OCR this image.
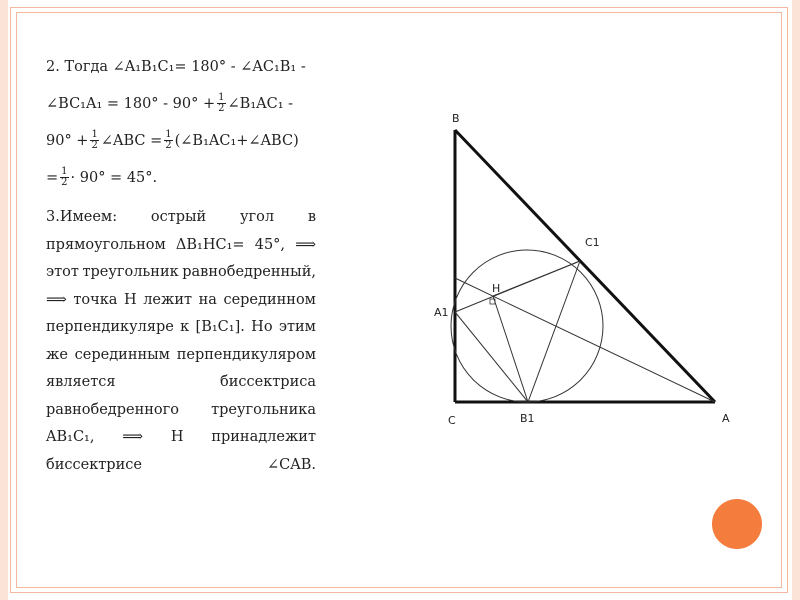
2. Тогда ∠A₁B₁C₁= 180° - ∠AC₁B₁ -
∠BC₁A₁ = $180^\circ - 90^\circ + \frac{1}{2}$ ∠B₁AC₁ -
$90^\circ + \frac{1}{2}$ ∠ABC = $\frac{1}{2}$ (∠B₁AC₁+∠ABC)
= $\frac{1}{2} \cdot 90^\circ = 45^\circ$.
3.Имеем: острый угол в
прямоугольном ΔB₁HC₁= 45°, ⟹
этот треугольник равнобедренный,
⟹ точка H лежит на серединном
перпендикуляре к [B₁C₁]. Но этим
же серединным перпендикуляром
является	биссектриса
равнобедренного треугольника
AB₁C₁, ⟹ H принадлежит
биссектрисе	∠CAB.
B
C1
H
A1
C	B1	A
